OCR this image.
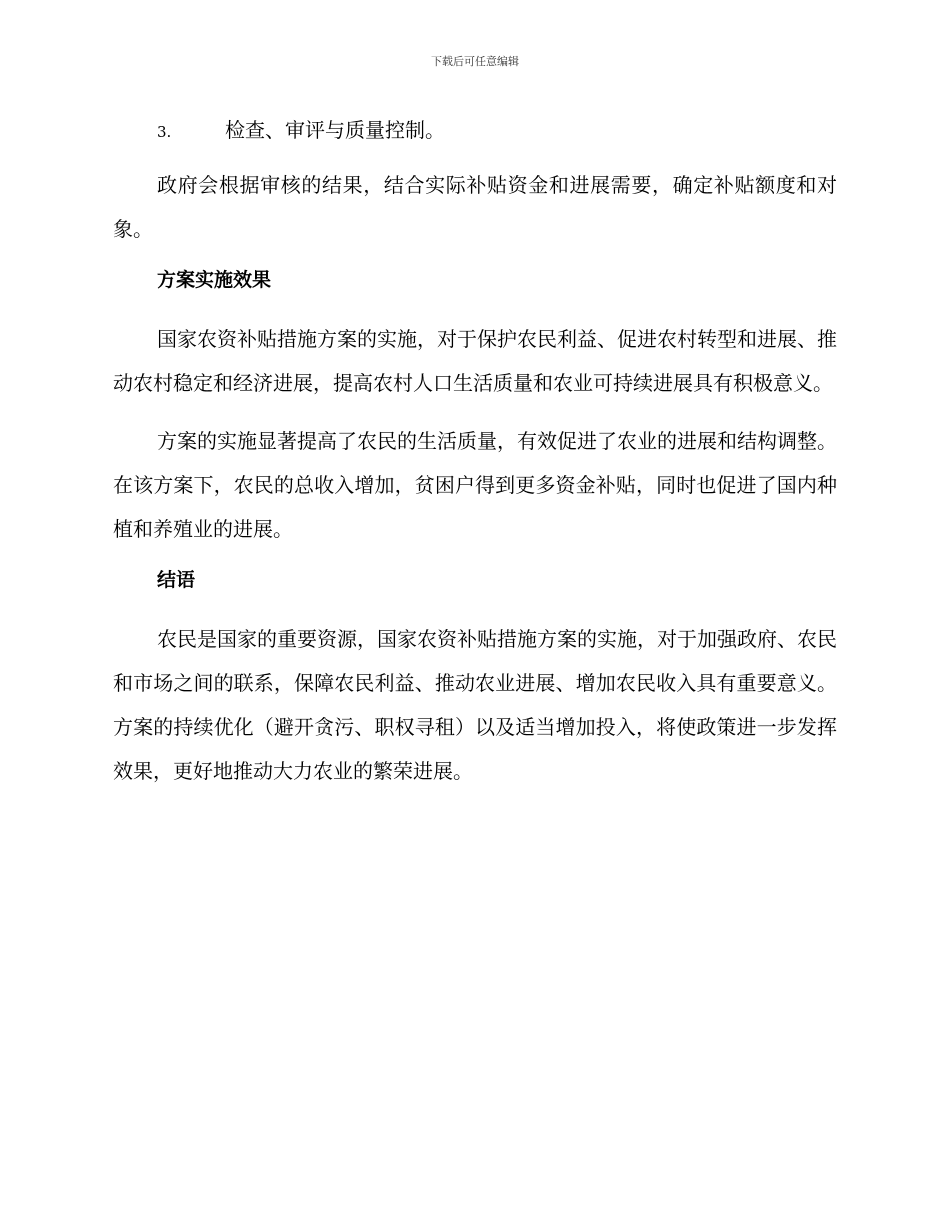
下载后可任意编辑
3.	检查、审评与质量控制。

政府会根据审核的结果，结合实际补贴资金和进展需要，确定补贴额度和对象。

方案实施效果

国家农资补贴措施方案的实施，对于保护农民利益、促进农村转型和进展、推动农村稳定和经济进展，提高农村人口生活质量和农业可持续进展具有积极意义。

方案的实施显著提高了农民的生活质量，有效促进了农业的进展和结构调整。在该方案下，农民的总收入增加，贫困户得到更多资金补贴，同时也促进了国内种植和养殖业的进展。

结语

农民是国家的重要资源，国家农资补贴措施方案的实施，对于加强政府、农民和市场之间的联系，保障农民利益、推动农业进展、增加农民收入具有重要意义。方案的持续优化（避开贪污、职权寻租）以及适当增加投入，将使政策进一步发挥效果，更好地推动大力农业的繁荣进展。
